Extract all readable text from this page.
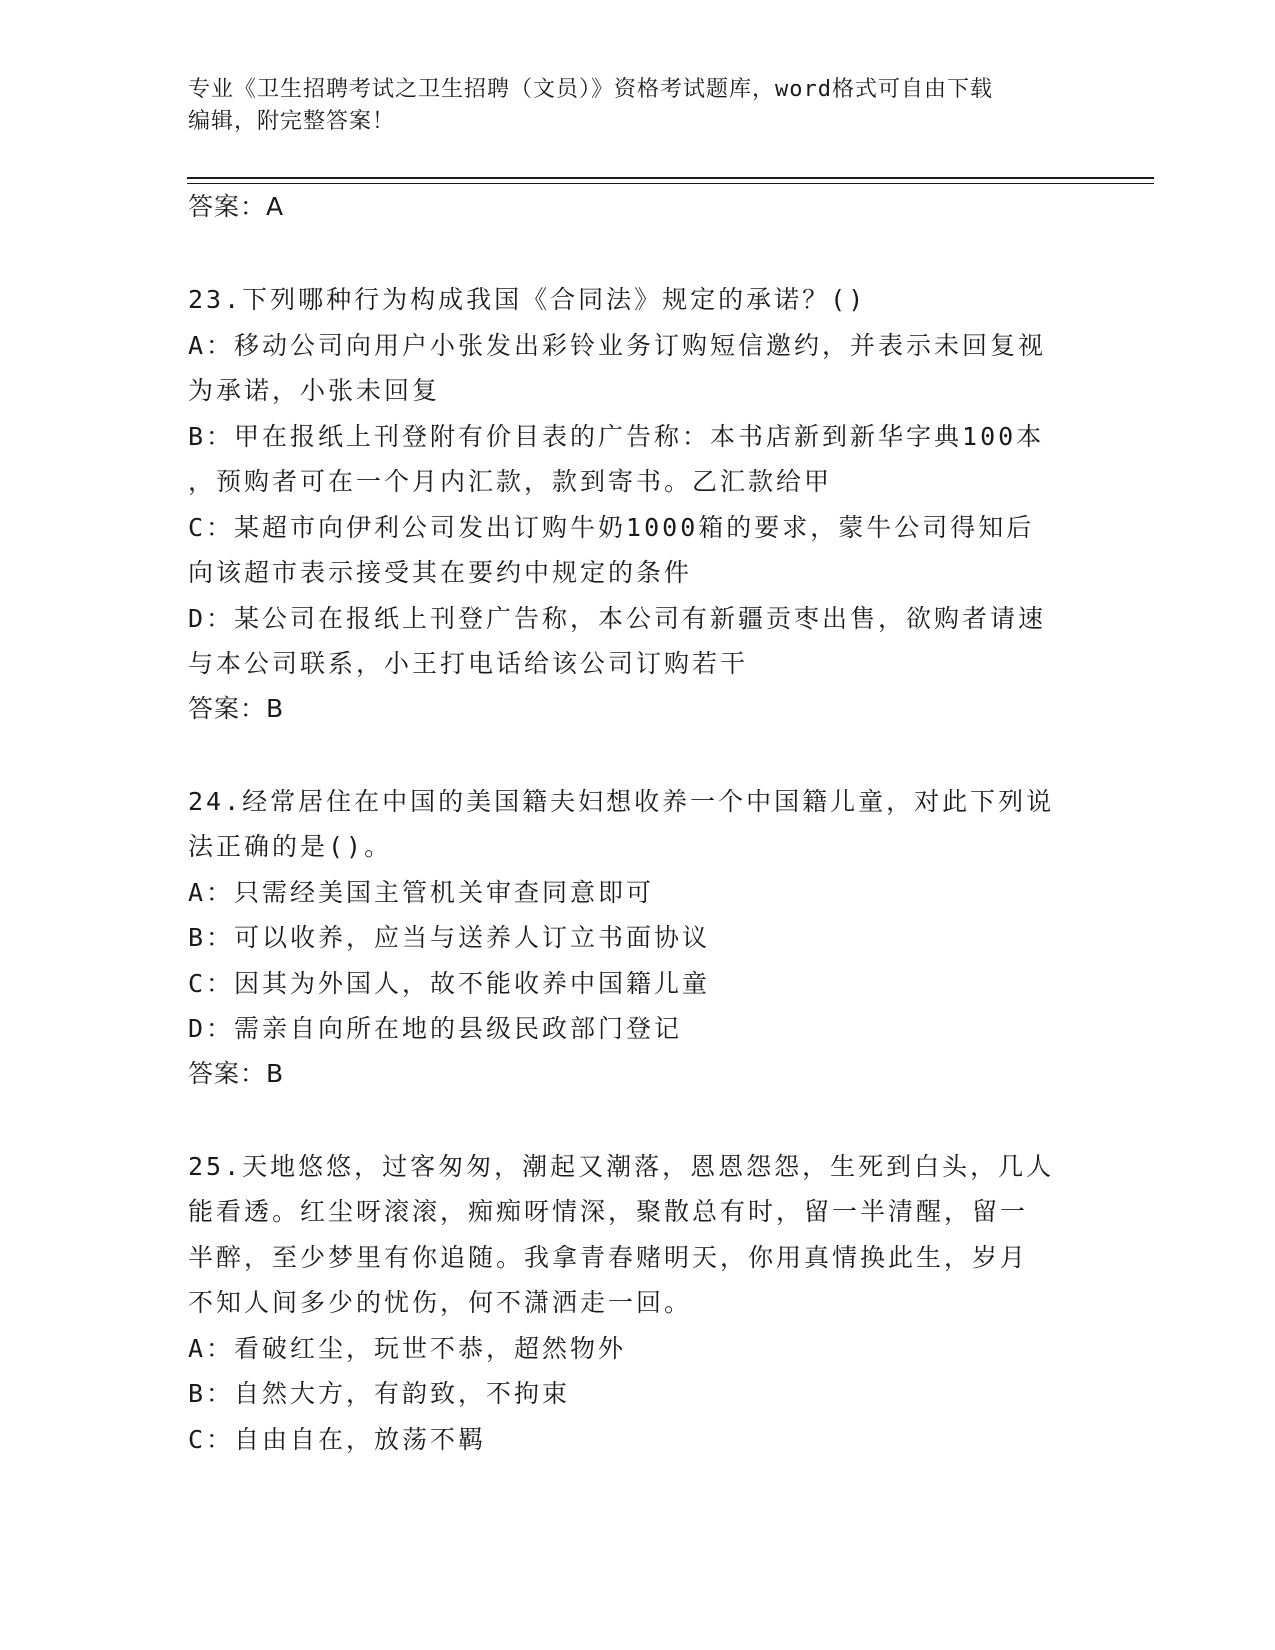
专业《卫生招聘考试之卫生招聘（文员）》资格考试题库，word格式可自由下载
编辑，附完整答案！

答案：A

23.下列哪种行为构成我国《合同法》规定的承诺？()

A：移动公司向用户小张发出彩铃业务订购短信邀约，并表示未回复视

为承诺，小张未回复

B：甲在报纸上刊登附有价目表的广告称：本书店新到新华字典100本

，预购者可在一个月内汇款，款到寄书。乙汇款给甲

C：某超市向伊利公司发出订购牛奶1000箱的要求，蒙牛公司得知后

向该超市表示接受其在要约中规定的条件

D：某公司在报纸上刊登广告称，本公司有新疆贡枣出售，欲购者请速

与本公司联系，小王打电话给该公司订购若干

答案：B

24.经常居住在中国的美国籍夫妇想收养一个中国籍儿童，对此下列说

法正确的是()。

A：只需经美国主管机关审查同意即可

B：可以收养，应当与送养人订立书面协议

C：因其为外国人，故不能收养中国籍儿童

D：需亲自向所在地的县级民政部门登记

答案：B

25.天地悠悠，过客匆匆，潮起又潮落，恩恩怨怨，生死到白头，几人

能看透。红尘呀滚滚，痴痴呀情深，聚散总有时，留一半清醒，留一

半醉，至少梦里有你追随。我拿青春赌明天，你用真情换此生，岁月

不知人间多少的忧伤，何不潇洒走一回。

A：看破红尘，玩世不恭，超然物外

B：自然大方，有韵致，不拘束

C：自由自在，放荡不羁
